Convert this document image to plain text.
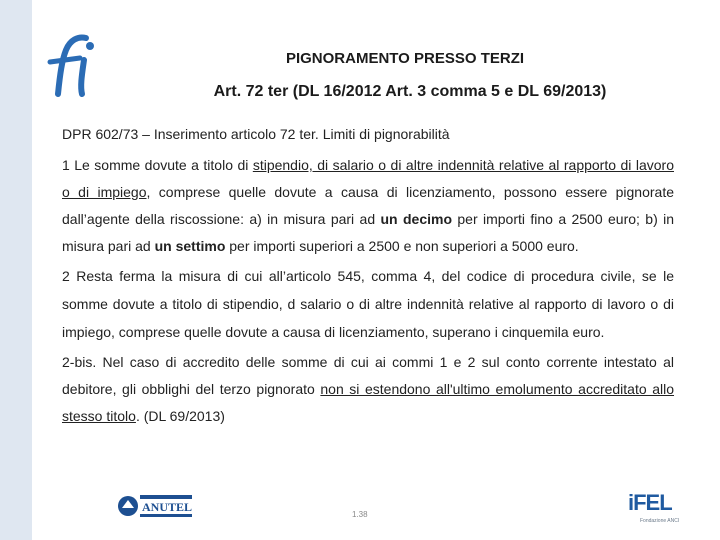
PIGNORAMENTO PRESSO TERZI
Art. 72 ter (DL 16/2012 Art. 3 comma 5 e DL 69/2013)

DPR 602/73 – Inserimento articolo 72 ter. Limiti di pignorabilità

1 Le somme dovute a titolo di stipendio, di salario o di altre indennità relative al rapporto di lavoro o di impiego, comprese quelle dovute a causa di licenziamento, possono essere pignorate dall’agente della riscossione: a) in misura pari ad un decimo per importi fino a 2500 euro; b) in misura pari ad un settimo per importi superiori a 2500 e non superiori a 5000 euro.

2 Resta ferma la misura di cui all’articolo 545, comma 4, del codice di procedura civile, se le somme dovute a titolo di stipendio, d salario o di altre indennità relative al rapporto di lavoro o di impiego, comprese quelle dovute a causa di licenziamento, superano i cinquemila euro.

2-bis. Nel caso di accredito delle somme di cui ai commi 1 e 2 sul conto corrente intestato al debitore, gli obblighi del terzo pignorato non si estendono all'ultimo emolumento accreditato allo stesso titolo. (DL 69/2013)

ANUTEL
1.38	iFEL
Fondazione ANCI
